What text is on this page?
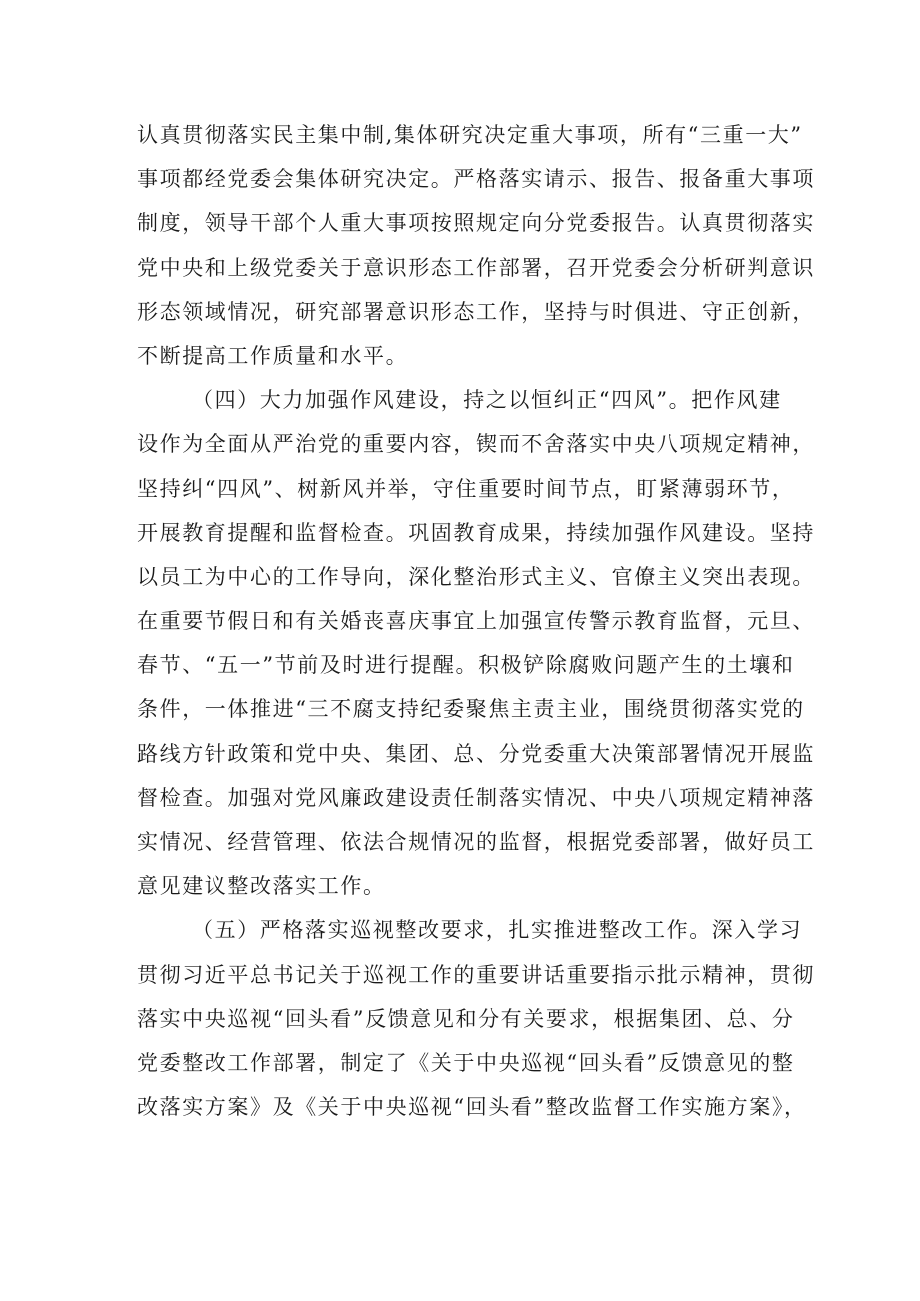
认真贯彻落实民主集中制,集体研究决定重大事项，所有“三重一大”
事项都经党委会集体研究决定。严格落实请示、报告、报备重大事项
制度，领导干部个人重大事项按照规定向分党委报告。认真贯彻落实
党中央和上级党委关于意识形态工作部署，召开党委会分析研判意识
形态领域情况，研究部署意识形态工作，坚持与时俱进、守正创新，
不断提高工作质量和水平。
（四）大力加强作风建设，持之以恒纠正“四风”。把作风建
设作为全面从严治党的重要内容，锲而不舍落实中央八项规定精神，
坚持纠“四风”、树新风并举，守住重要时间节点，盯紧薄弱环节，
开展教育提醒和监督检查。巩固教育成果，持续加强作风建设。坚持
以员工为中心的工作导向，深化整治形式主义、官僚主义突出表现。
在重要节假日和有关婚丧喜庆事宜上加强宣传警示教育监督，元旦、
春节、“五一”节前及时进行提醒。积极铲除腐败问题产生的土壤和
条件，一体推进“三不腐支持纪委聚焦主责主业，围绕贯彻落实党的
路线方针政策和党中央、集团、总、分党委重大决策部署情况开展监
督检查。加强对党风廉政建设责任制落实情况、中央八项规定精神落
实情况、经营管理、依法合规情况的监督，根据党委部署，做好员工
意见建议整改落实工作。
（五）严格落实巡视整改要求，扎实推进整改工作。深入学习
贯彻习近平总书记关于巡视工作的重要讲话重要指示批示精神，贯彻
落实中央巡视“回头看”反馈意见和分有关要求，根据集团、总、分
党委整改工作部署，制定了《关于中央巡视“回头看”反馈意见的整
改落实方案》及《关于中央巡视“回头看”整改监督工作实施方案》，
